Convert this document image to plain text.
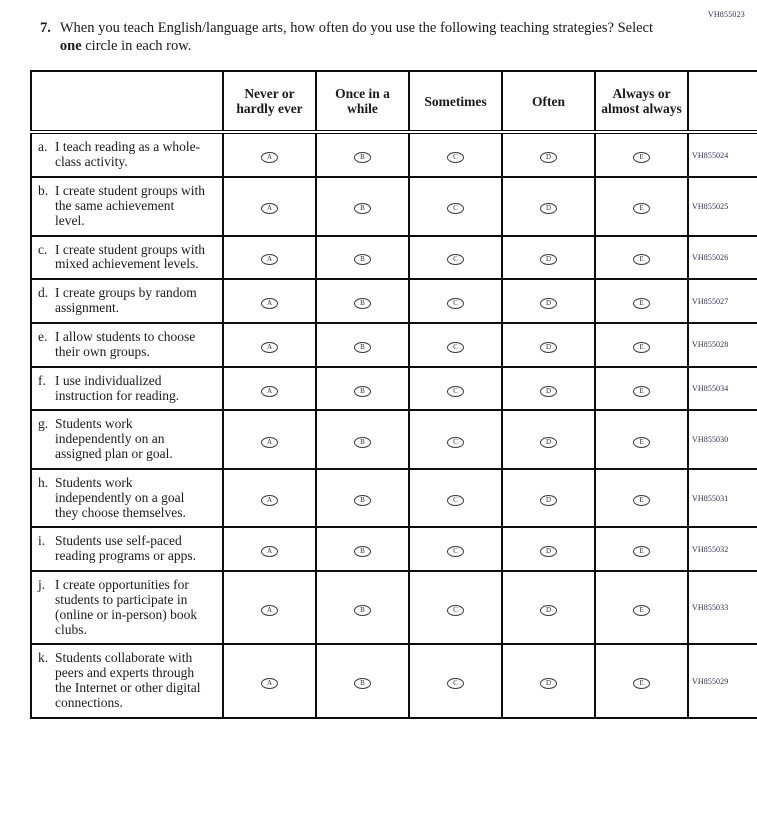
VH855023
7. When you teach English/language arts, how often do you use the following teaching strategies? Select one circle in each row.
	Never or hardly ever	Once in a while	Sometimes	Often	Always or almost always	

a. I teach reading as a whole-class activity.	A	B	C	D	E	VH855024

b. I create student groups with the same achievement level.	A	B	C	D	E	VH855025

c. I create student groups with mixed achievement levels.	A	B	C	D	E	VH855026

d. I create groups by random assignment.	A	B	C	D	E	VH855027

e. I allow students to choose their own groups.	A	B	C	D	E	VH855028

f. I use individualized instruction for reading.	A	B	C	D	E	VH855034

g. Students work independently on an assigned plan or goal.	A	B	C	D	E	VH855030

h. Students work independently on a goal they choose themselves.	A	B	C	D	E	VH855031

i. Students use self-paced reading programs or apps.	A	B	C	D	E	VH855032

j. I create opportunities for students to participate in (online or in-person) book clubs.	A	B	C	D	E	VH855033

k. Students collaborate with peers and experts through the Internet or other digital connections.	A	B	C	D	E	VH855029
